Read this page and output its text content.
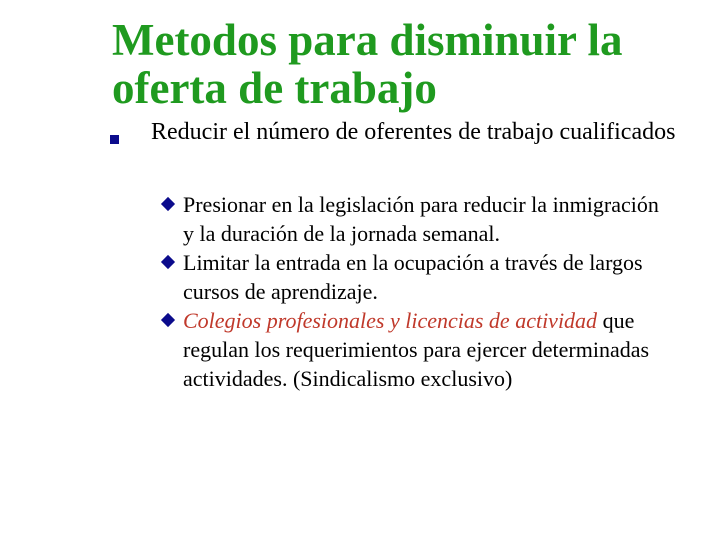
Metodos para disminuir la
oferta de trabajo
Reducir el número de oferentes de trabajo cualificados
Presionar en la legislación para reducir la inmigración y la duración de la jornada semanal.
Limitar la entrada en la ocupación a través de largos cursos de aprendizaje.
Colegios profesionales y licencias de actividad que regulan los requerimientos para ejercer determinadas actividades. (Sindicalismo exclusivo)
